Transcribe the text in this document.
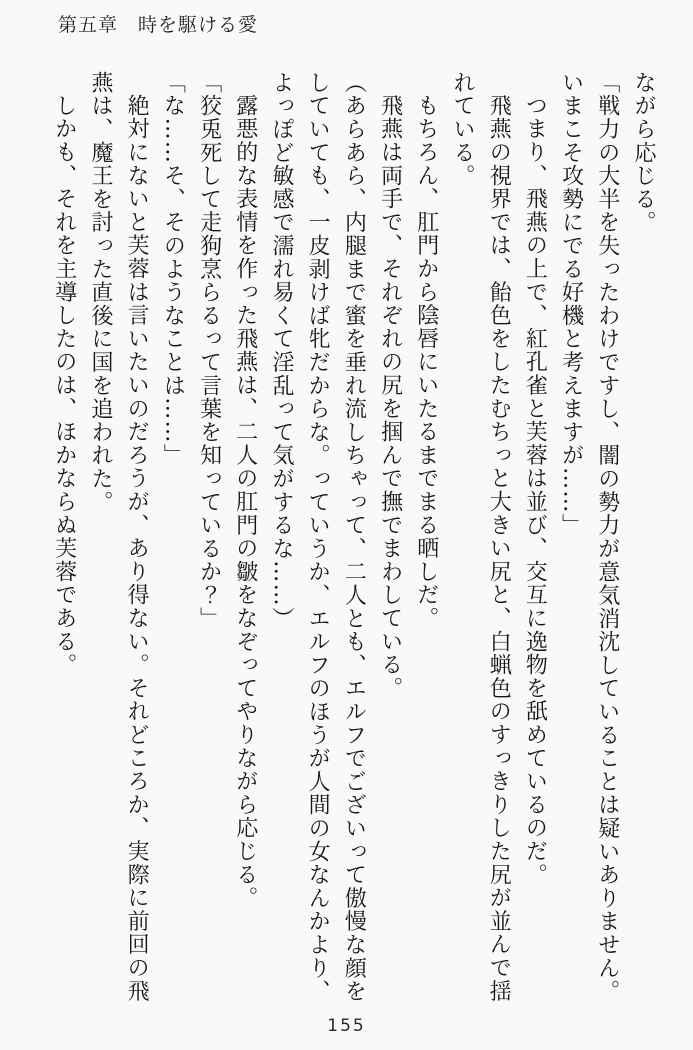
第五章　時を駆ける愛

ながら応じる。

「戦力の大半を失ったわけですし、闇の勢力が意気消沈していることは疑いありません。いまこそ攻勢にでる好機と考えますが……」

つまり、飛燕の上で、紅孔雀と芙蓉は並び、交互に逸物を舐めているのだ。

飛燕の視界では、飴色をしたむちっと大きい尻と、白蝋色のすっきりした尻が並んで揺れている。

もちろん、肛門から陰唇にいたるまでまる晒しだ。

飛燕は両手で、それぞれの尻を掴んで撫でまわしている。

（あらあら、内腿まで蜜を垂れ流しちゃって、二人とも、エルフでございって傲慢な顔をしていても、一皮剥けば牝だからな。っていうか、エルフのほうが人間の女なんかより、よっぽど敏感で濡れ易くて淫乱って気がするな……）

露悪的な表情を作った飛燕は、二人の肛門の皺をなぞってやりながら応じる。

「狡兎死して走狗烹らるって言葉を知っているか？」

「な……そ、そのようなことは……」

絶対にないと芙蓉は言いたいのだろうが、あり得ない。それどころか、実際に前回の飛燕は、魔王を討った直後に国を追われた。

しかも、それを主導したのは、ほかならぬ芙蓉である。

155
